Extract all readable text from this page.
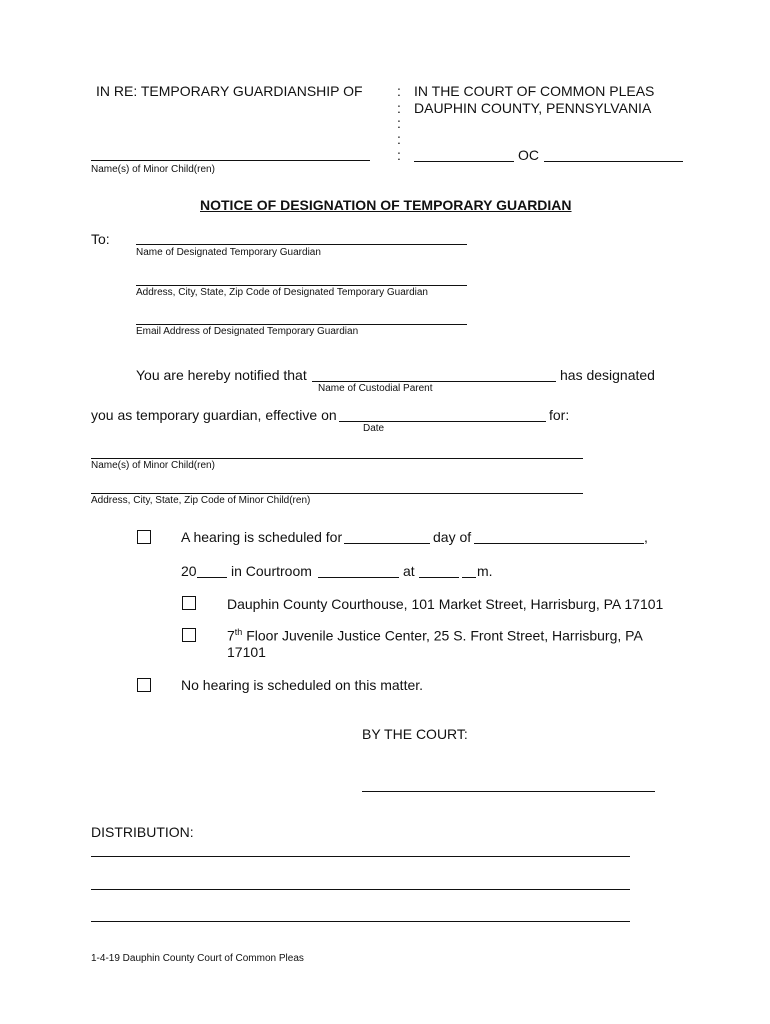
IN RE: TEMPORARY GUARDIANSHIP OF :
:
:
:
:
IN THE COURT OF COMMON PLEAS
DAUPHIN COUNTY, PENNSYLVANIA
OC
Name(s) of Minor Child(ren)
NOTICE OF DESIGNATION OF TEMPORARY GUARDIAN
To:
Name of Designated Temporary Guardian
Address, City, State, Zip Code of Designated Temporary Guardian
Email Address of Designated Temporary Guardian
You are hereby notified that	has designated
Name of Custodial Parent
you as temporary guardian, effective on	for:
Date
Name(s) of Minor Child(ren)
Address, City, State, Zip Code of Minor Child(ren)
A hearing is scheduled for	day of	,
20 in Courtroom	at	m.
Dauphin County Courthouse, 101 Market Street, Harrisburg, PA 17101
7th Floor Juvenile Justice Center, 25 S. Front Street, Harrisburg, PA
17101
No hearing is scheduled on this matter.
BY THE COURT:
DISTRIBUTION:
1-4-19 Dauphin County Court of Common Pleas
